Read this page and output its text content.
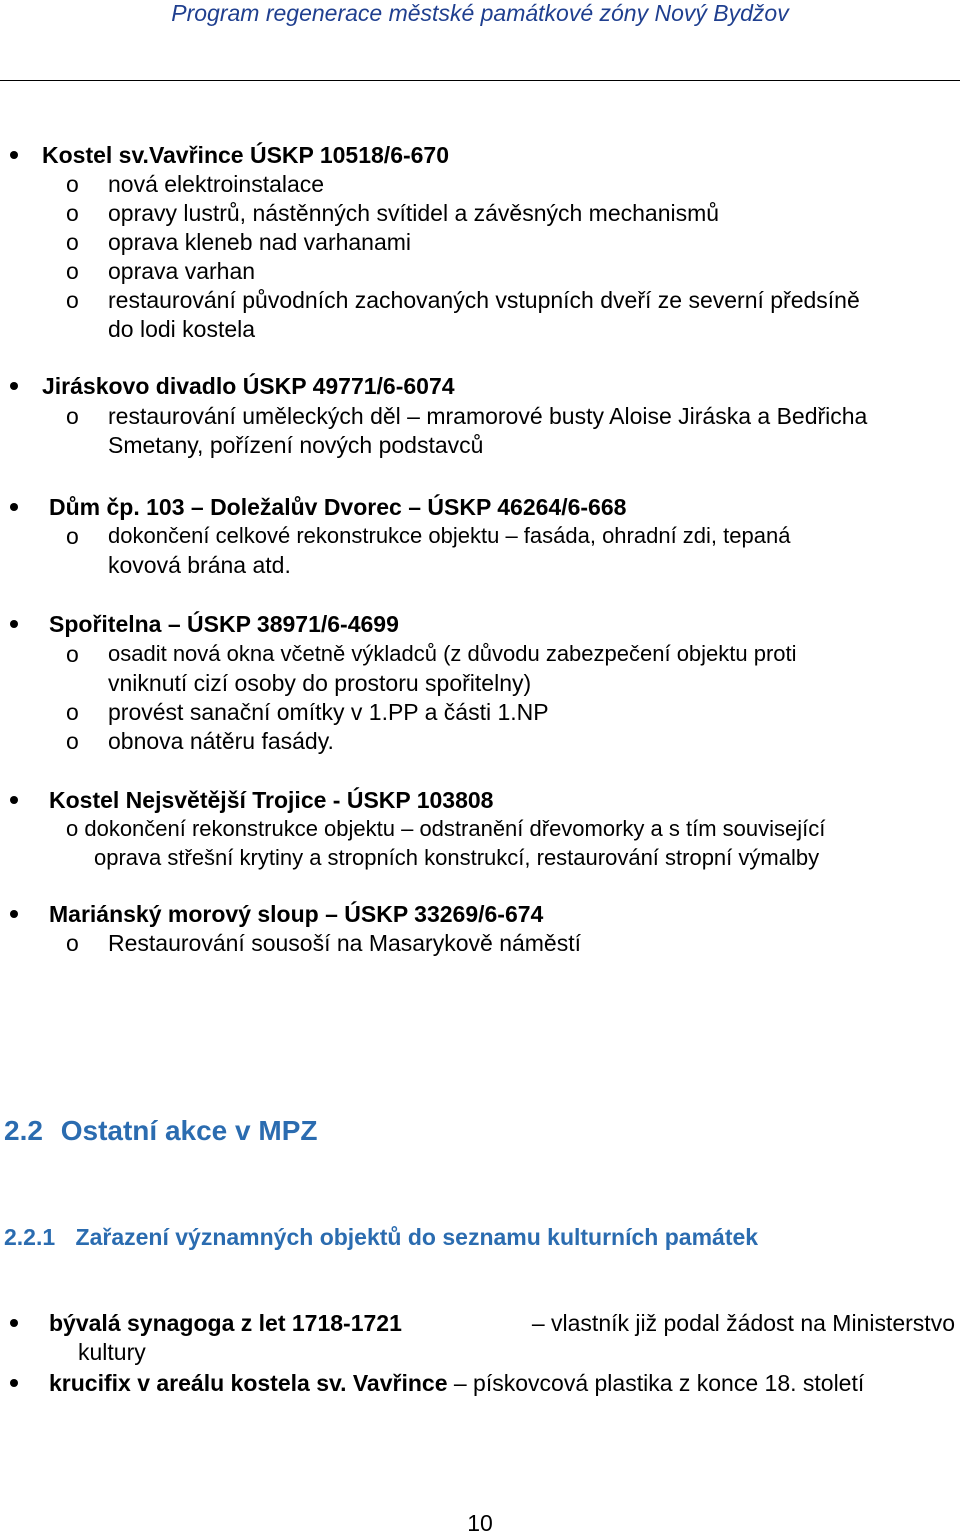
Program regenerace městské památkové zóny Nový Bydžov
Kostel sv.Vavřince ÚSKP 10518/6-670
o nová elektroinstalace
o opravy lustrů, nástěnných svítidel a závěsných mechanismů
o oprava kleneb nad varhanami
o oprava varhan
o restaurování původních zachovaných vstupních dveří ze severní předsíně
do lodi kostela
Jiráskovo divadlo ÚSKP 49771/6-6074
o restaurování uměleckých děl – mramorové busty Aloise Jiráska a Bedřicha
Smetany, pořízení nových podstavců
Dům čp. 103 – Doležalův Dvorec – ÚSKP 46264/6-668
o dokončení celkové rekonstrukce objektu – fasáda, ohradní zdi, tepaná
kovová brána atd.
Spořitelna – ÚSKP 38971/6-4699
o osadit nová okna včetně výkladců (z důvodu zabezpečení objektu proti
vniknutí cizí osoby do prostoru spořitelny)
o provést sanační omítky v 1.PP a části 1.NP
o obnova nátěru fasády.
Kostel Nejsvětější Trojice - ÚSKP 103808
o dokončení rekonstrukce objektu – odstranění dřevomorky a s tím související
oprava střešní krytiny a stropních konstrukcí, restaurování stropní výmalby
Mariánský morový sloup – ÚSKP 33269/6-674
o Restaurování sousoší na Masarykově náměstí
2.2 Ostatní akce v MPZ
2.2.1 Zařazení významných objektů do seznamu kulturních památek
bývalá synagoga z let 1718-1721	– vlastník již podal žádost na Ministerstvo
kultury
krucifix v areálu kostela sv. Vavřince – pískovcová plastika z konce 18. století
10
